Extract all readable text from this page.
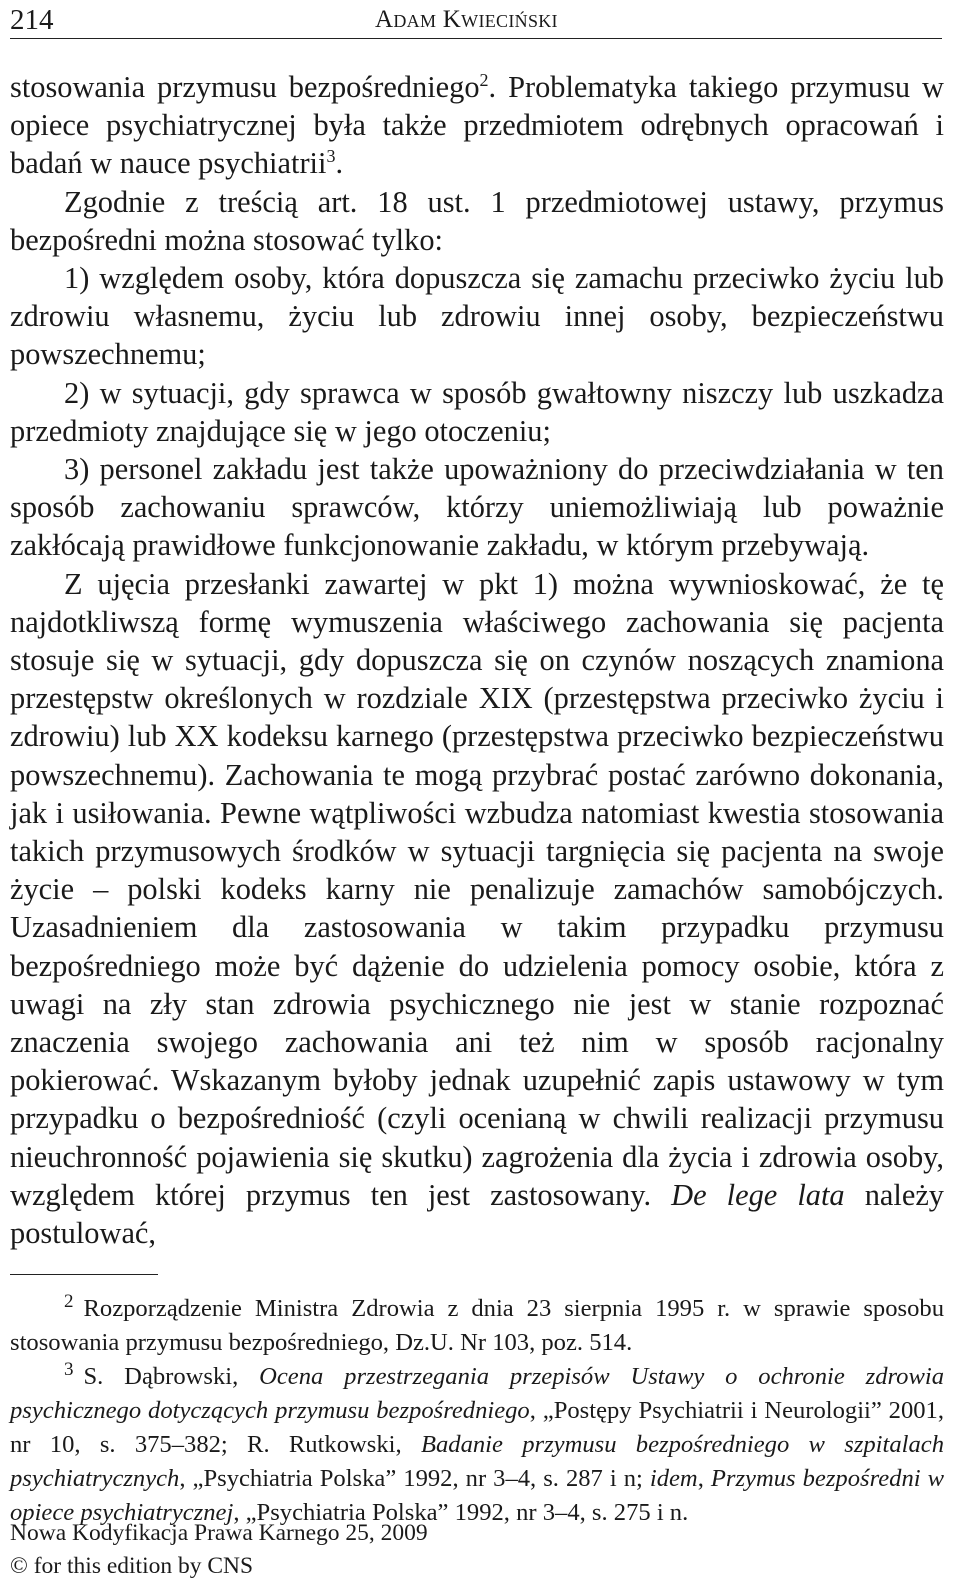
214	Adam Kwieciński

stosowania przymusu bezpośredniego$^2$. Problematyka takiego przymusu w opiece psychiatrycznej była także przedmiotem odrębnych opracowań i badań w nauce psychiatrii$^3$.

Zgodnie z treścią art. 18 ust. 1 przedmiotowej ustawy, przymus bezpośredni można stosować tylko:

1) względem osoby, która dopuszcza się zamachu przeciwko życiu lub zdrowiu własnemu, życiu lub zdrowiu innej osoby, bezpieczeństwu powszechnemu;

2) w sytuacji, gdy sprawca w sposób gwałtowny niszczy lub uszkadza przedmioty znajdujące się w jego otoczeniu;

3) personel zakładu jest także upoważniony do przeciwdziałania w ten sposób zachowaniu sprawców, którzy uniemożliwiają lub poważnie zakłócają prawidłowe funkcjonowanie zakładu, w którym przebywają.

Z ujęcia przesłanki zawartej w pkt 1) można wywnioskować, że tę najdotkliwszą formę wymuszenia właściwego zachowania się pacjenta stosuje się w sytuacji, gdy dopuszcza się on czynów noszących znamiona przestępstw określonych w rozdziale XIX (przestępstwa przeciwko życiu i zdrowiu) lub XX kodeksu karnego (przestępstwa przeciwko bezpieczeństwu powszechnemu). Zachowania te mogą przybrać postać zarówno dokonania, jak i usiłowania. Pewne wątpliwości wzbudza natomiast kwestia stosowania takich przymusowych środków w sytuacji targnięcia się pacjenta na swoje życie – polski kodeks karny nie penalizuje zamachów samobójczych. Uzasadnieniem dla zastosowania w takim przypadku przymusu bezpośredniego może być dążenie do udzielenia pomocy osobie, która z uwagi na zły stan zdrowia psychicznego nie jest w stanie rozpoznać znaczenia swojego zachowania ani też nim w sposób racjonalny pokierować. Wskazanym byłoby jednak uzupełnić zapis ustawowy w tym przypadku o bezpośredniość (czyli ocenianą w chwili realizacji przymusu nieuchronność pojawienia się skutku) zagrożenia dla życia i zdrowia osoby, względem której przymus ten jest zastosowany. De lege lata należy postulować,

$^2$ Rozporządzenie Ministra Zdrowia z dnia 23 sierpnia 1995 r. w sprawie sposobu stosowania przymusu bezpośredniego, Dz.U. Nr 103, poz. 514.

$^3$ S. Dąbrowski, Ocena przestrzegania przepisów Ustawy o ochronie zdrowia psychicznego dotyczących przymusu bezpośredniego, „Postępy Psychiatrii i Neurologii” 2001, nr 10, s. 375–382; R. Rutkowski, Badanie przymusu bezpośredniego w szpitalach psychiatrycznych, „Psychiatria Polska” 1992, nr 3–4, s. 287 i n; idem, Przymus bezpośredni w opiece psychiatrycznej, „Psychiatria Polska” 1992, nr 3–4, s. 275 i n.

Nowa Kodyfikacja Prawa Karnego 25, 2009
© for this edition by CNS
